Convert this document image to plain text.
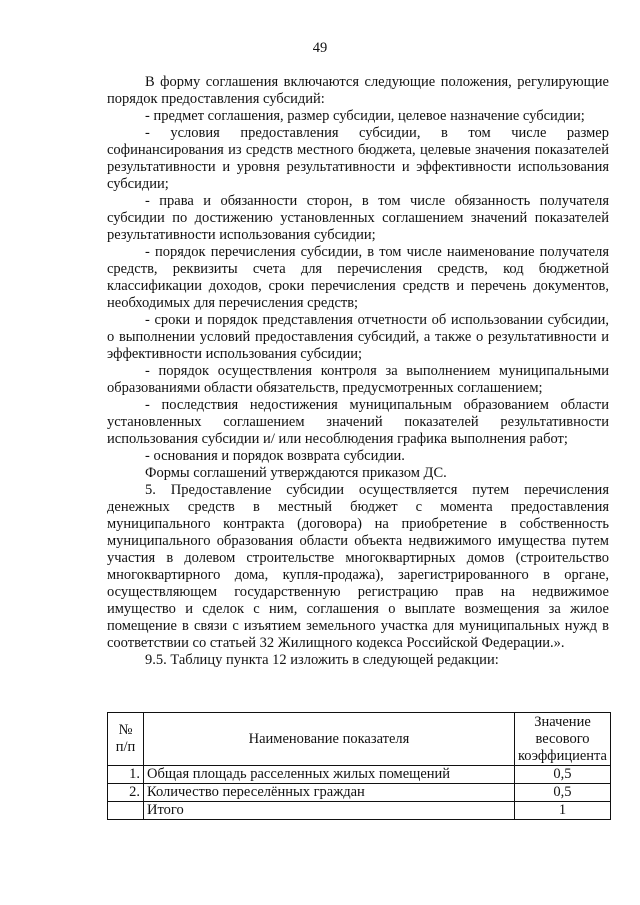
49

В форму соглашения включаются следующие положения, регулирующие порядок предоставления субсидий:

- предмет соглашения, размер субсидии, целевое назначение субсидии;

- условия предоставления субсидии, в том числе размер софинансирования из средств местного бюджета, целевые значения показателей результативности и уровня результативности и эффективности использования субсидии;

- права и обязанности сторон, в том числе обязанность получателя субсидии по достижению установленных соглашением значений показателей результативности использования субсидии;

- порядок перечисления субсидии, в том числе наименование получателя средств, реквизиты счета для перечисления средств, код бюджетной классификации доходов, сроки перечисления средств и перечень документов, необходимых для перечисления средств;

- сроки и порядок представления отчетности об использовании субсидии, о выполнении условий предоставления субсидий, а также о результативности и эффективности использования субсидии;

- порядок осуществления контроля за выполнением муниципальными образованиями области обязательств, предусмотренных соглашением;

- последствия недостижения муниципальным образованием области установленных соглашением значений показателей результативности использования субсидии и/ или несоблюдения графика выполнения работ;

- основания и порядок возврата субсидии.

Формы соглашений утверждаются приказом ДС.

5. Предоставление субсидии осуществляется путем перечисления денежных средств в местный бюджет с момента предоставления муниципального контракта (договора) на приобретение в собственность муниципального образования области объекта недвижимого имущества путем участия в долевом строительстве многоквартирных домов (строительство многоквартирного дома, купля-продажа), зарегистрированного в органе, осуществляющем государственную регистрацию прав на недвижимое имущество и сделок с ним, соглашения о выплате возмещения за жилое помещение в связи с изъятием земельного участка для муниципальных нужд в соответствии со статьей 32 Жилищного кодекса Российской Федерации.».

9.5. Таблицу пункта 12 изложить в следующей редакции:

№ п/п	Наименование показателя	Значение весового коэффициента
1.	Общая площадь расселенных жилых помещений	0,5
2.	Количество переселённых граждан	0,5
	Итого	1
